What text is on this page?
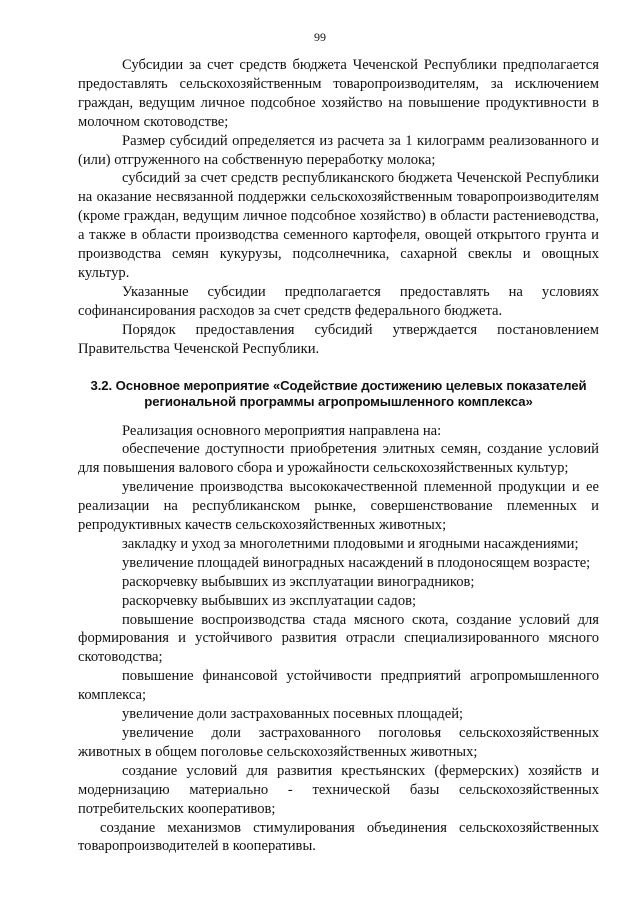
99

Субсидии за счет средств бюджета Чеченской Республики предполагается предоставлять сельскохозяйственным товаропроизводителям, за исключением граждан, ведущим личное подсобное хозяйство на повышение продуктивности в молочном скотоводстве;

Размер субсидий определяется из расчета за 1 килограмм реализованного и (или) отгруженного на собственную переработку молока;

субсидий за счет средств республиканского бюджета Чеченской Республики на оказание несвязанной поддержки сельскохозяйственным товаропроизводителям (кроме граждан, ведущим личное подсобное хозяйство) в области растениеводства, а также в области производства семенного картофеля, овощей открытого грунта и производства семян кукурузы, подсолнечника, сахарной свеклы и овощных культур.

Указанные субсидии предполагается предоставлять на условиях софинансирования расходов за счет средств федерального бюджета.

Порядок предоставления субсидий утверждается постановлением Правительства Чеченской Республики.

3.2. Основное мероприятие «Содействие достижению целевых показателей
региональной программы агропромышленного комплекса»

Реализация основного мероприятия направлена на:

обеспечение доступности приобретения элитных семян, создание условий для повышения валового сбора и урожайности сельскохозяйственных культур;

увеличение производства высококачественной племенной продукции и ее реализации на республиканском рынке, совершенствование племенных и репродуктивных качеств сельскохозяйственных животных;

закладку и уход за многолетними плодовыми и ягодными насаждениями;

увеличение площадей виноградных насаждений в плодоносящем возрасте;

раскорчевку выбывших из эксплуатации виноградников;

раскорчевку выбывших из эксплуатации садов;

повышение воспроизводства стада мясного скота, создание условий для формирования и устойчивого развития отрасли специализированного мясного скотоводства;

повышение финансовой устойчивости предприятий агропромышленного комплекса;

увеличение доли застрахованных посевных площадей;

увеличение доли застрахованного поголовья сельскохозяйственных животных в общем поголовье сельскохозяйственных животных;

создание условий для развития крестьянских (фермерских) хозяйств и модернизацию материально - технической базы сельскохозяйственных потребительских кооперативов;

создание механизмов стимулирования объединения сельскохозяйственных товаропроизводителей в кооперативы.
